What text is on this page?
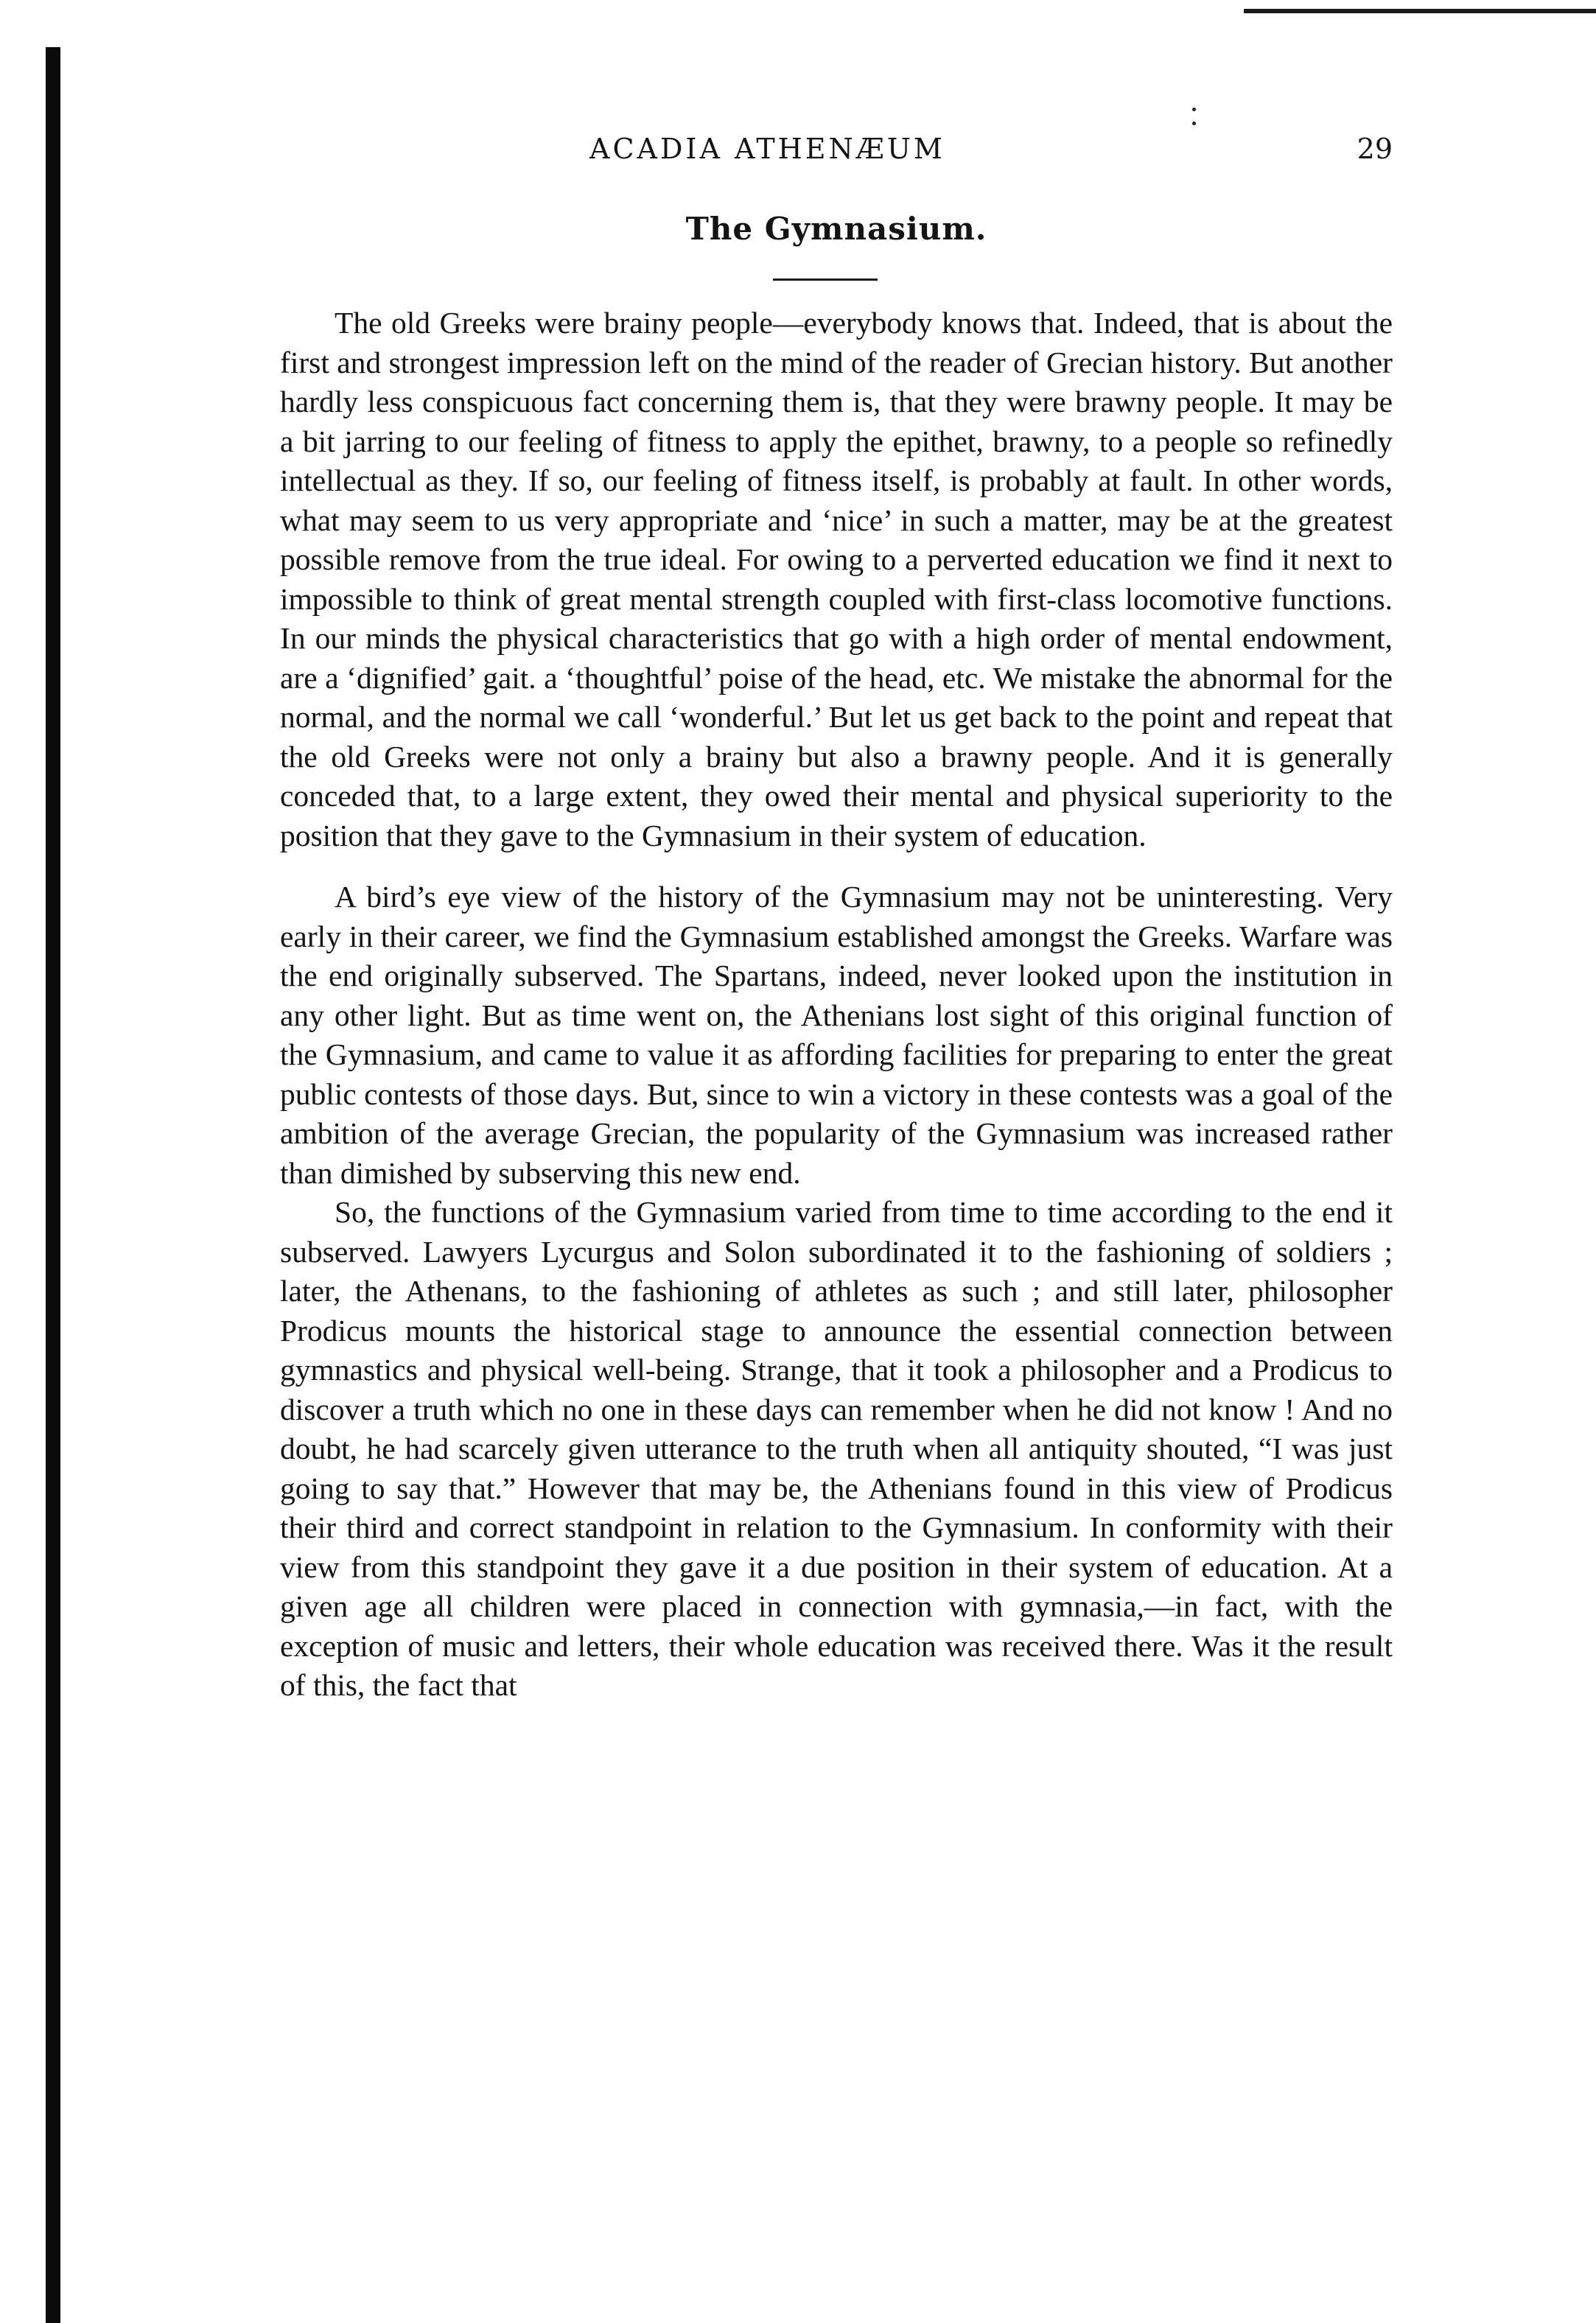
ACADIA ATHENÆUM	29
The Gymnasium.

The old Greeks were brainy people—everybody knows that. Indeed, that is about the first and strongest impression left on the mind of the reader of Grecian history. But another hardly less conspicuous fact concerning them is, that they were brawny people. It may be a bit jarring to our feeling of fitness to apply the epithet, brawny, to a people so refinedly intellectual as they. If so, our feeling of fitness itself, is probably at fault. In other words, what may seem to us very appropriate and ‘nice’ in such a matter, may be at the greatest possible remove from the true ideal. For owing to a perverted education we find it next to impossible to think of great mental strength coupled with first-class locomotive functions. In our minds the physical characteristics that go with a high order of mental endowment, are a ‘dignified’ gait. a ‘thoughtful’ poise of the head, etc. We mistake the abnormal for the normal, and the normal we call ‘wonderful.’ But let us get back to the point and repeat that the old Greeks were not only a brainy but also a brawny people. And it is generally conceded that, to a large extent, they owed their mental and physical superiority to the position that they gave to the Gymnasium in their system of education.

A bird’s eye view of the history of the Gymnasium may not be uninteresting. Very early in their career, we find the Gymnasium established amongst the Greeks. Warfare was the end originally subserved. The Spartans, indeed, never looked upon the institution in any other light. But as time went on, the Athenians lost sight of this original function of the Gymnasium, and came to value it as affording facilities for preparing to enter the great public contests of those days. But, since to win a victory in these contests was a goal of the ambition of the average Grecian, the popularity of the Gymnasium was increased rather than dimished by subserving this new end.

So, the functions of the Gymnasium varied from time to time according to the end it subserved. Lawyers Lycurgus and Solon subordinated it to the fashioning of soldiers ; later, the Athenans, to the fashioning of athletes as such ; and still later, philosopher Prodicus mounts the historical stage to announce the essential connection between gymnastics and physical well-being. Strange, that it took a philosopher and a Prodicus to discover a truth which no one in these days can remember when he did not know ! And no doubt, he had scarcely given utterance to the truth when all antiquity shouted, “I was just going to say that.” However that may be, the Athenians found in this view of Prodicus their third and correct standpoint in relation to the Gymnasium. In conformity with their view from this standpoint they gave it a due position in their system of education. At a given age all children were placed in connection with gymnasia,—in fact, with the exception of music and letters, their whole education was received there. Was it the result of this, the fact that
